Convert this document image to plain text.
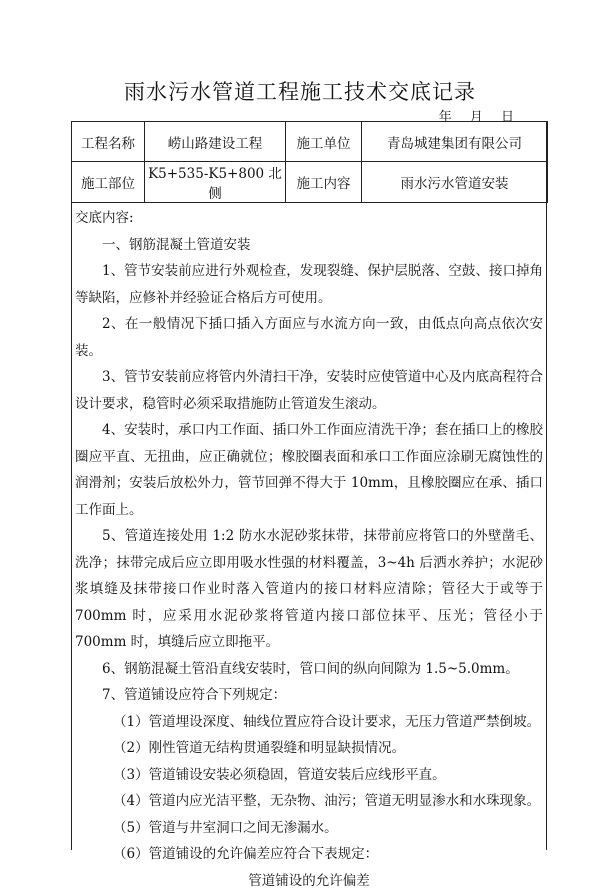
雨水污水管道工程施工技术交底记录
年 月 日
工程名称	崂山路建设工程	施工单位	青岛城建集团有限公司
施工部位	K5+535-K5+800 北侧	施工内容	雨水污水管道安装

交底内容:

一、钢筋混凝土管道安装

1、管节安装前应进行外观检查，发现裂缝、保护层脱落、空鼓、接口掉角等缺陷，应修补并经验证合格后方可使用。

2、在一般情况下插口插入方面应与水流方向一致，由低点向高点依次安装。

3、管节安装前应将管内外清扫干净，安装时应使管道中心及内底高程符合设计要求，稳管时必须采取措施防止管道发生滚动。

4、安装时，承口内工作面、插口外工作面应清洗干净；套在插口上的橡胶圈应平直、无扭曲，应正确就位；橡胶圈表面和承口工作面应涂刷无腐蚀性的润滑剂；安装后放松外力，管节回弹不得大于 10mm，且橡胶圈应在承、插口工作面上。

5、管道连接处用 1:2 防水水泥砂浆抹带，抹带前应将管口的外壁凿毛、洗净；抹带完成后应立即用吸水性强的材料覆盖，3~4h 后洒水养护；水泥砂浆填缝及抹带接口作业时落入管道内的接口材料应清除；管径大于或等于 700mm 时，应采用水泥砂浆将管道内接口部位抹平、压光；管径小于 700mm 时，填缝后应立即拖平。

6、钢筋混凝土管沿直线安装时，管口间的纵向间隙为 1.5~5.0mm。

7、管道铺设应符合下列规定：

（1）管道埋设深度、轴线位置应符合设计要求，无压力管道严禁倒坡。

（2）刚性管道无结构贯通裂缝和明显缺损情况。

（3）管道铺设安装必须稳固，管道安装后应线形平直。

（4）管道内应光洁平整，无杂物、油污；管道无明显渗水和水珠现象。

（5）管道与井室洞口之间无渗漏水。

（6）管道铺设的允许偏差应符合下表规定：

管道铺设的允许偏差
